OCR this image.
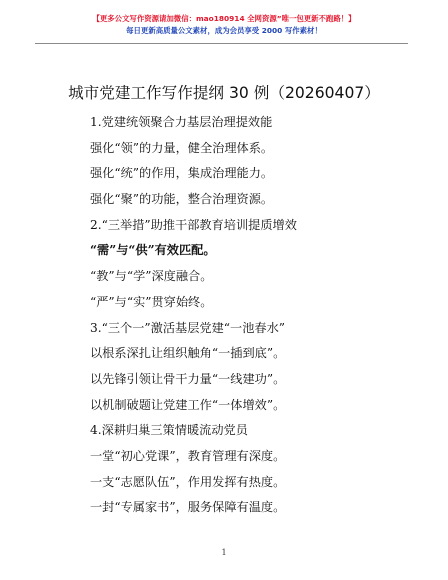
【更多公文写作资源请加微信：mao180914 全网资源”唯一包更新不跑路！】
每日更新高质量公文素材，成为会员享受 2000 写作素材！
城市党建工作写作提纲 30 例（20260407）
1.党建统领聚合力基层治理提效能
强化“领”的力量，健全治理体系。
强化“统”的作用，集成治理能力。
强化“聚”的功能，整合治理资源。
2.“三举措”助推干部教育培训提质增效
“需”与“供”有效匹配。
“教”与“学”深度融合。
“严”与“实”贯穿始终。
3.“三个一”激活基层党建“一池春水”
以根系深扎让组织触角“一插到底”。
以先锋引领让骨干力量“一线建功”。
以机制破题让党建工作“一体增效”。
4.深耕归巢三策情暖流动党员
一堂“初心党课”，教育管理有深度。
一支“志愿队伍”，作用发挥有热度。
一封“专属家书”，服务保障有温度。
1
